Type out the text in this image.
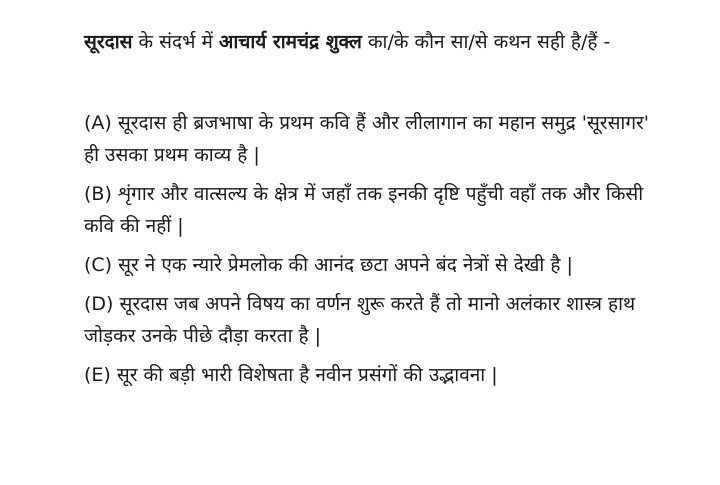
सूरदास के संदर्भ में आचार्य रामचंद्र शुक्ल का/के कौन सा/से कथन सही है/हैं -

(A) सूरदास ही ब्रजभाषा के प्रथम कवि हैं और लीलागान का महान समुद्र 'सूरसागर' ही उसका प्रथम काव्य है |

(B) शृंगार और वात्सल्य के क्षेत्र में जहाँ तक इनकी दृष्टि पहुँची वहाँ तक और किसी कवि की नहीं |

(C) सूर ने एक न्यारे प्रेमलोक की आनंद छटा अपने बंद नेत्रों से देखी है |

(D) सूरदास जब अपने विषय का वर्णन शुरू करते हैं तो मानो अलंकार शास्त्र हाथ जोड़कर उनके पीछे दौड़ा करता है |

(E) सूर की बड़ी भारी विशेषता है नवीन प्रसंगों की उद्भावना |
